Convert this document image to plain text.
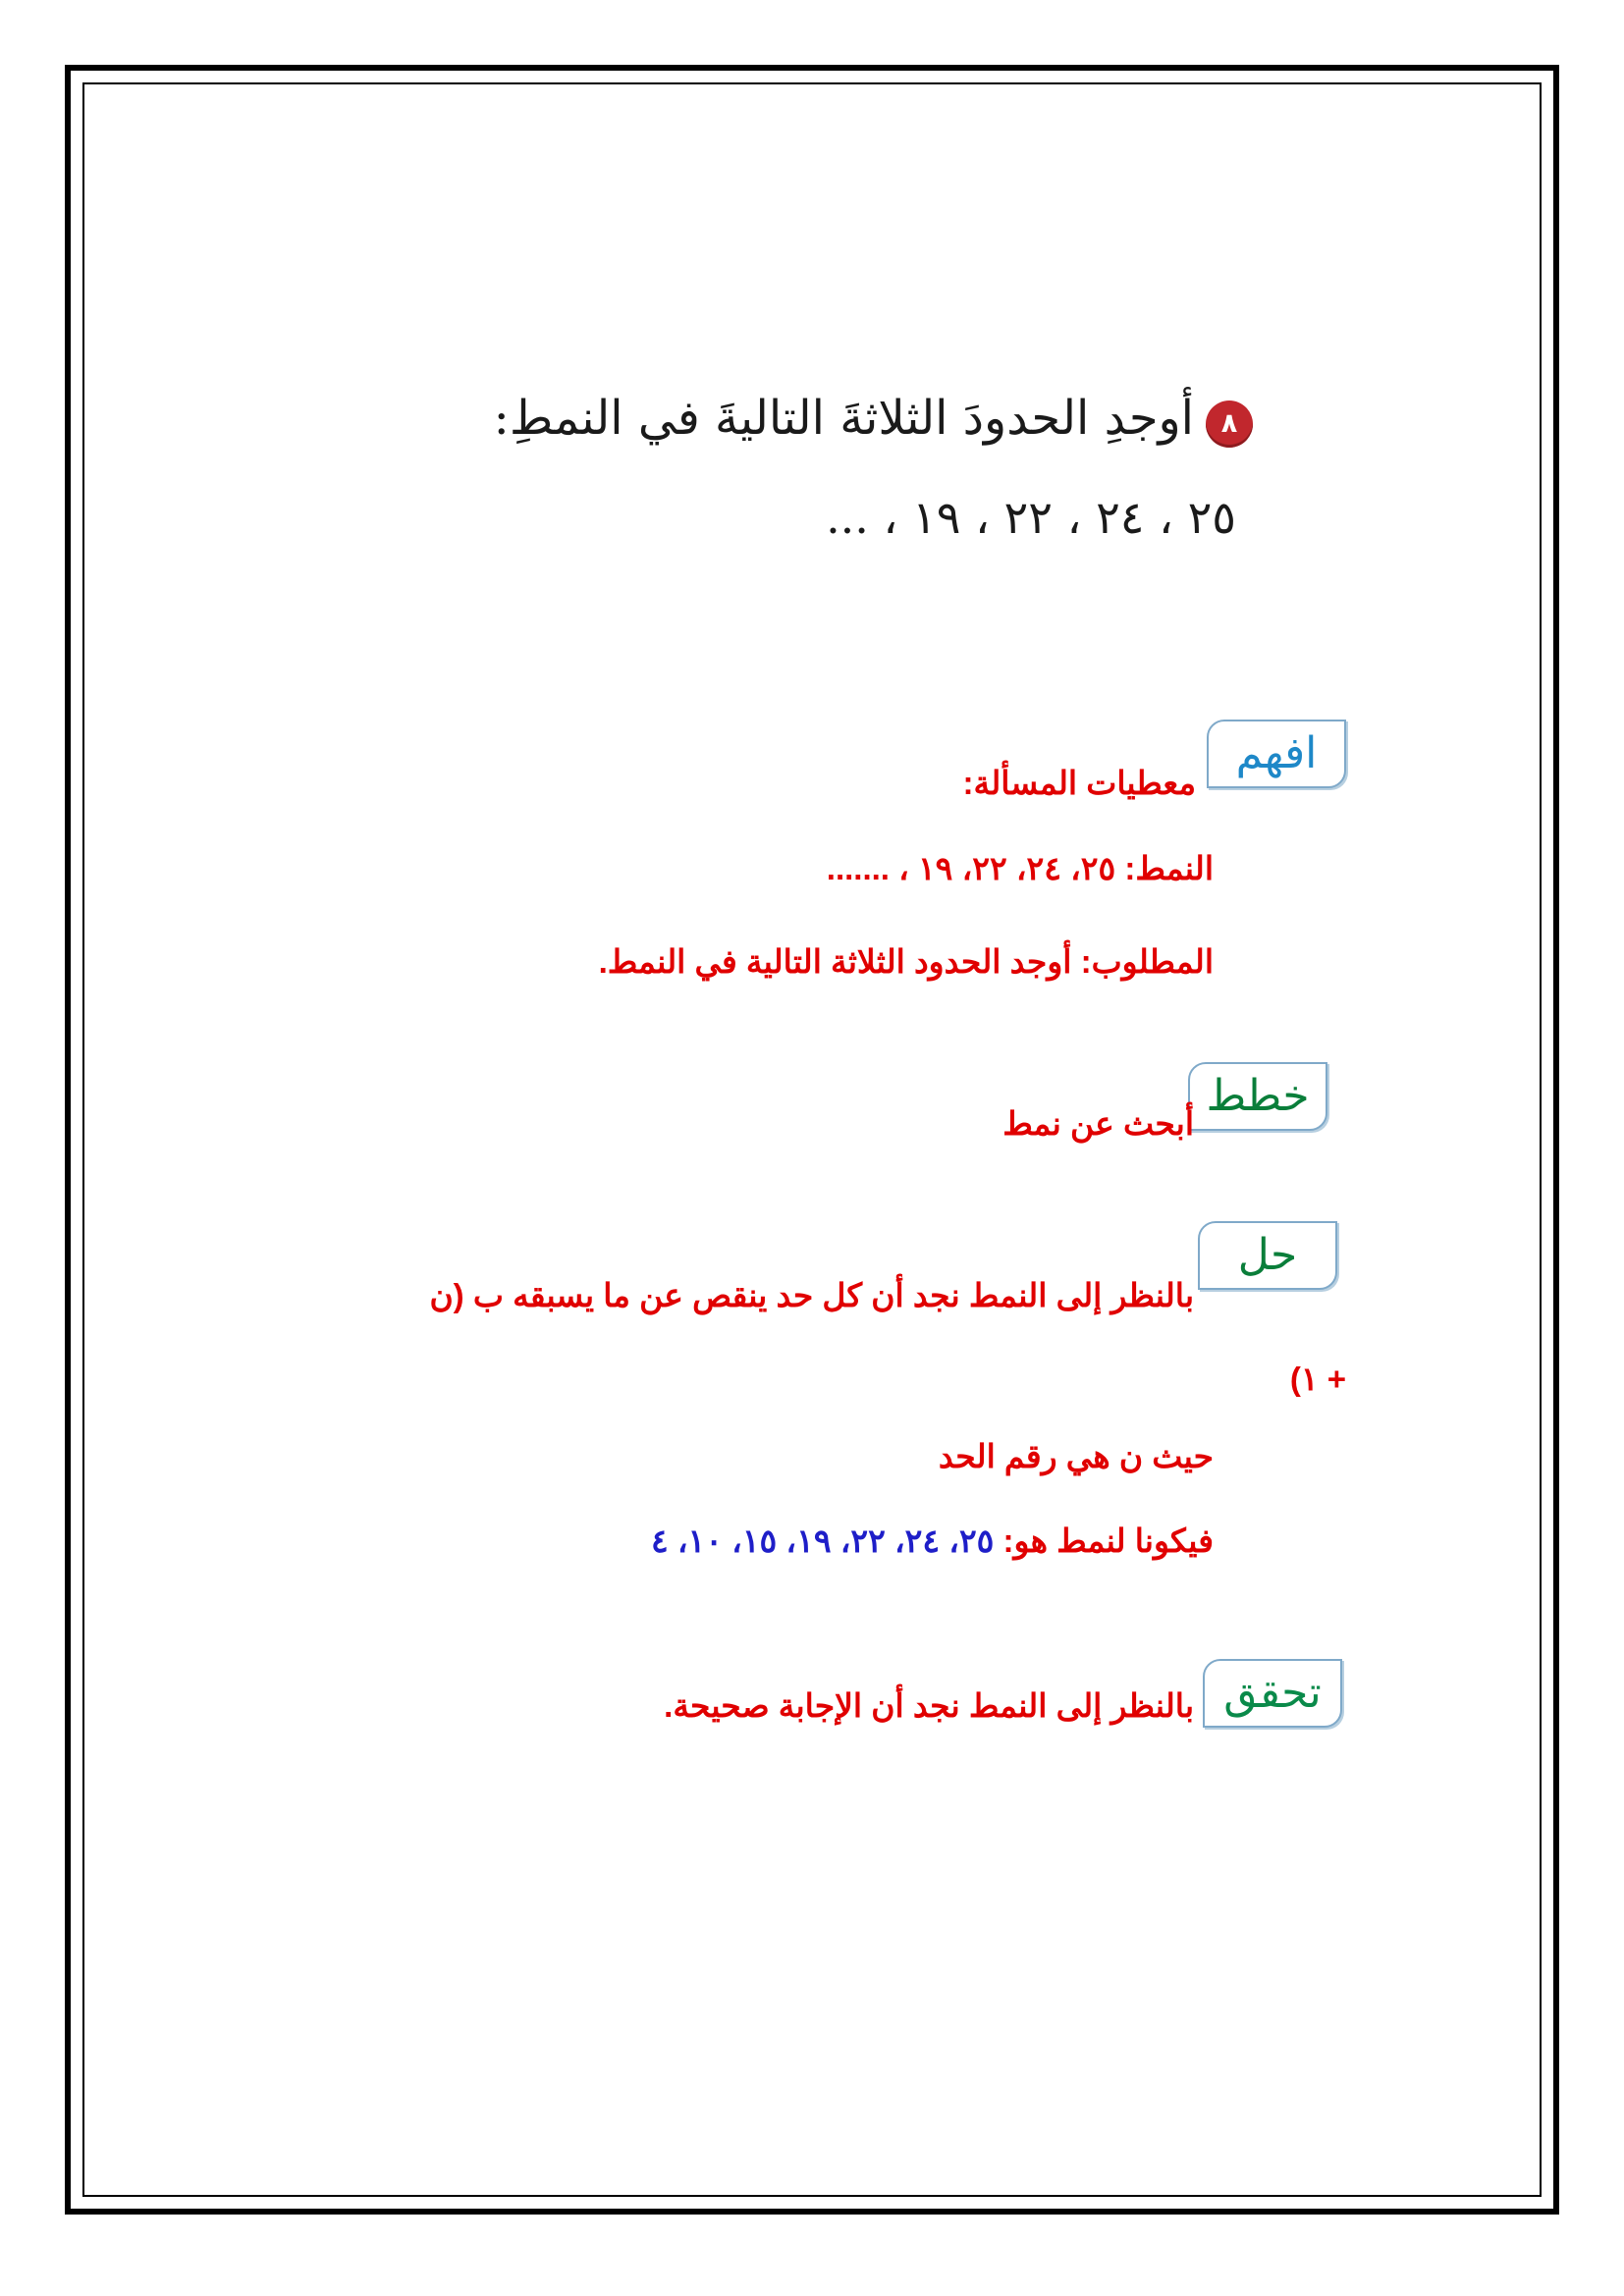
٨
أوجدِ الحدودَ الثلاثةَ التاليةَ في النمطِ:
٢٥ ، ٢٤ ، ٢٢ ، ١٩ ، ...
افهم
معطيات المسألة:
النمط: ٢٥، ٢٤، ٢٢، ١٩ ، .......
المطلوب: أوجد الحدود الثلاثة التالية في النمط.
خطط
أبحث عن نمط
حل
بالنظر إلى النمط نجد أن كل حد ينقص عن ما يسبقه ب (ن
+ ١)
حيث ن هي رقم الحد
فيكونا لنمط هو: ٢٥، ٢٤، ٢٢، ١٩، ١٥، ١٠، ٤
تحقق
بالنظر إلى النمط نجد أن الإجابة صحيحة.
